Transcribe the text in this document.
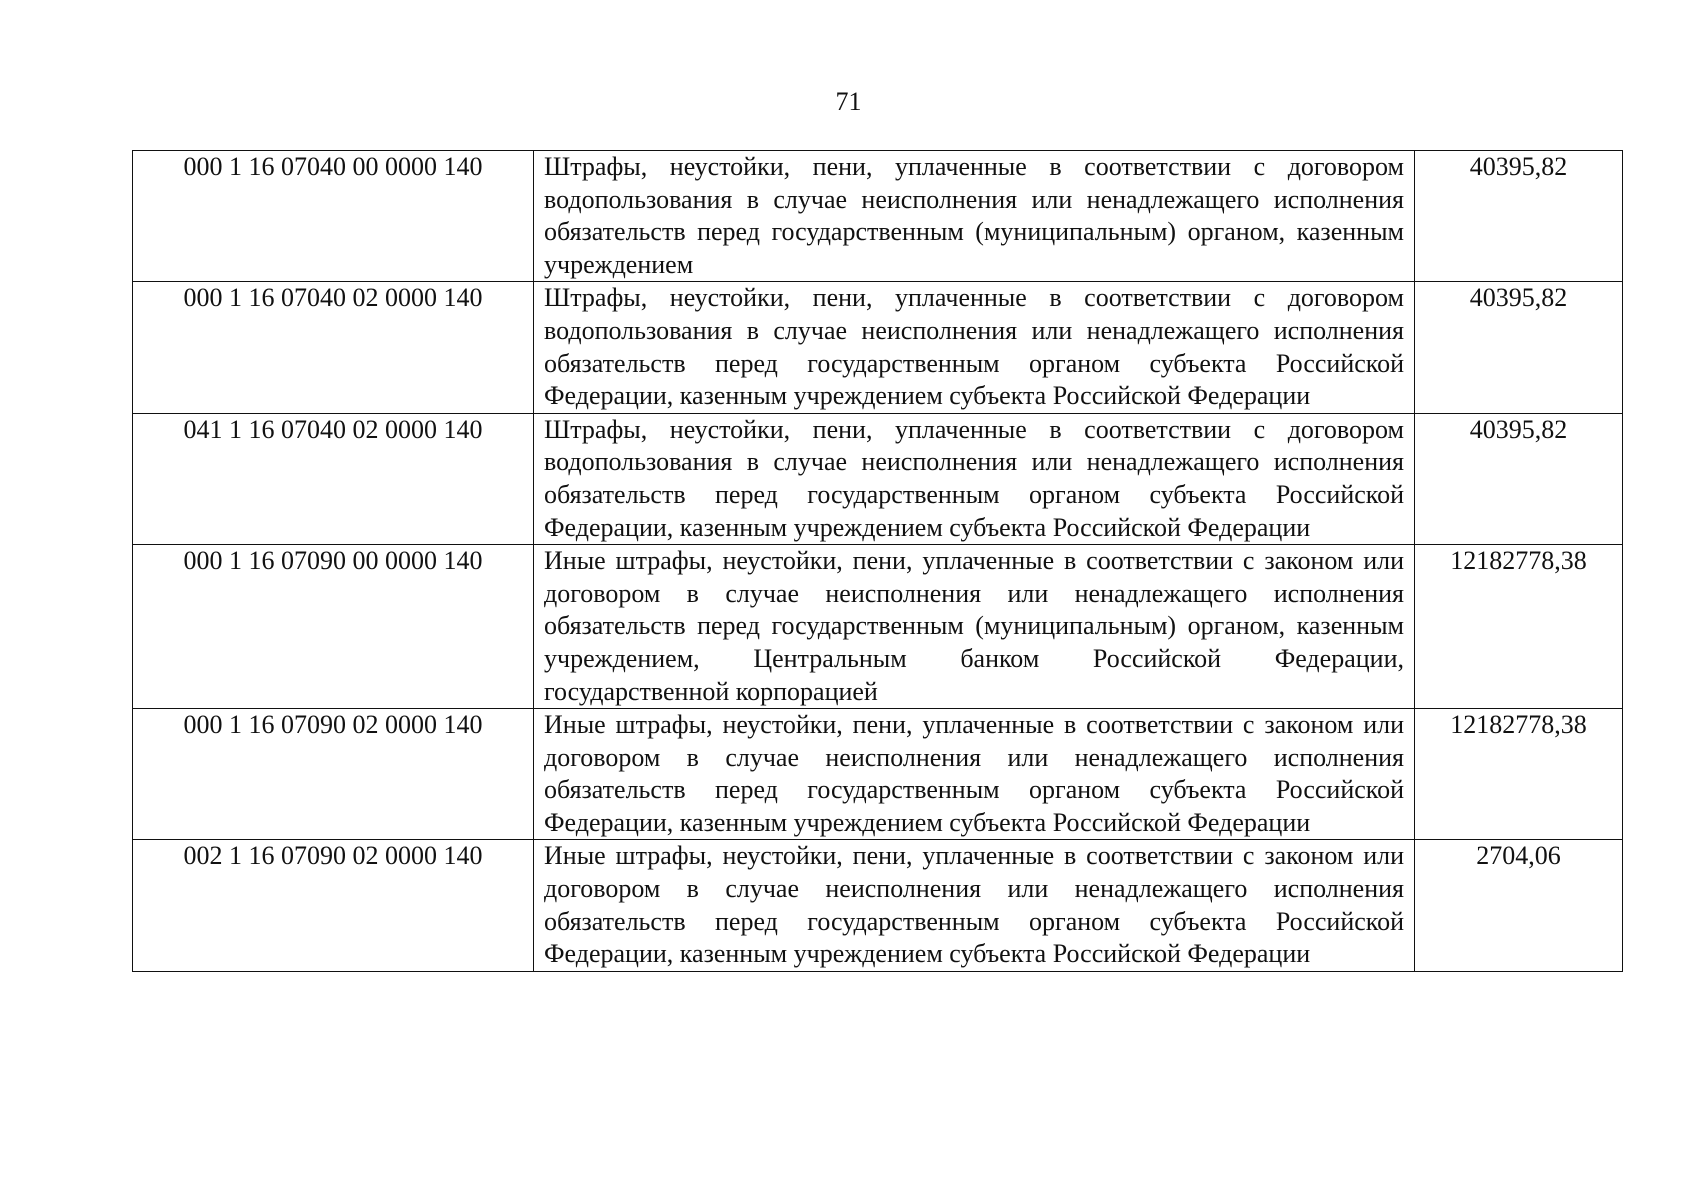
71
000 1 16 07040 00 0000 140	Штрафы, неустойки, пени, уплаченные в соответствии с договором водопользования в случае неисполнения или ненадлежащего исполнения обязательств перед государственным (муниципальным) органом, казенным учреждением	40395,82
000 1 16 07040 02 0000 140	Штрафы, неустойки, пени, уплаченные в соответствии с договором водопользования в случае неисполнения или ненадлежащего исполнения обязательств перед государственным органом субъекта Российской Федерации, казенным учреждением субъекта Российской Федерации	40395,82
041 1 16 07040 02 0000 140	Штрафы, неустойки, пени, уплаченные в соответствии с договором водопользования в случае неисполнения или ненадлежащего исполнения обязательств перед государственным органом субъекта Российской Федерации, казенным учреждением субъекта Российской Федерации	40395,82
000 1 16 07090 00 0000 140	Иные штрафы, неустойки, пени, уплаченные в соответствии с законом или договором в случае неисполнения или ненадлежащего исполнения обязательств перед государственным (муниципальным) органом, казенным учреждением, Центральным банком Российской Федерации, государственной корпорацией	12182778,38
000 1 16 07090 02 0000 140	Иные штрафы, неустойки, пени, уплаченные в соответствии с законом или договором в случае неисполнения или ненадлежащего исполнения обязательств перед государственным органом субъекта Российской Федерации, казенным учреждением субъекта Российской Федерации	12182778,38
002 1 16 07090 02 0000 140	Иные штрафы, неустойки, пени, уплаченные в соответствии с законом или договором в случае неисполнения или ненадлежащего исполнения обязательств перед государственным органом субъекта Российской Федерации, казенным учреждением субъекта Российской Федерации	2704,06
